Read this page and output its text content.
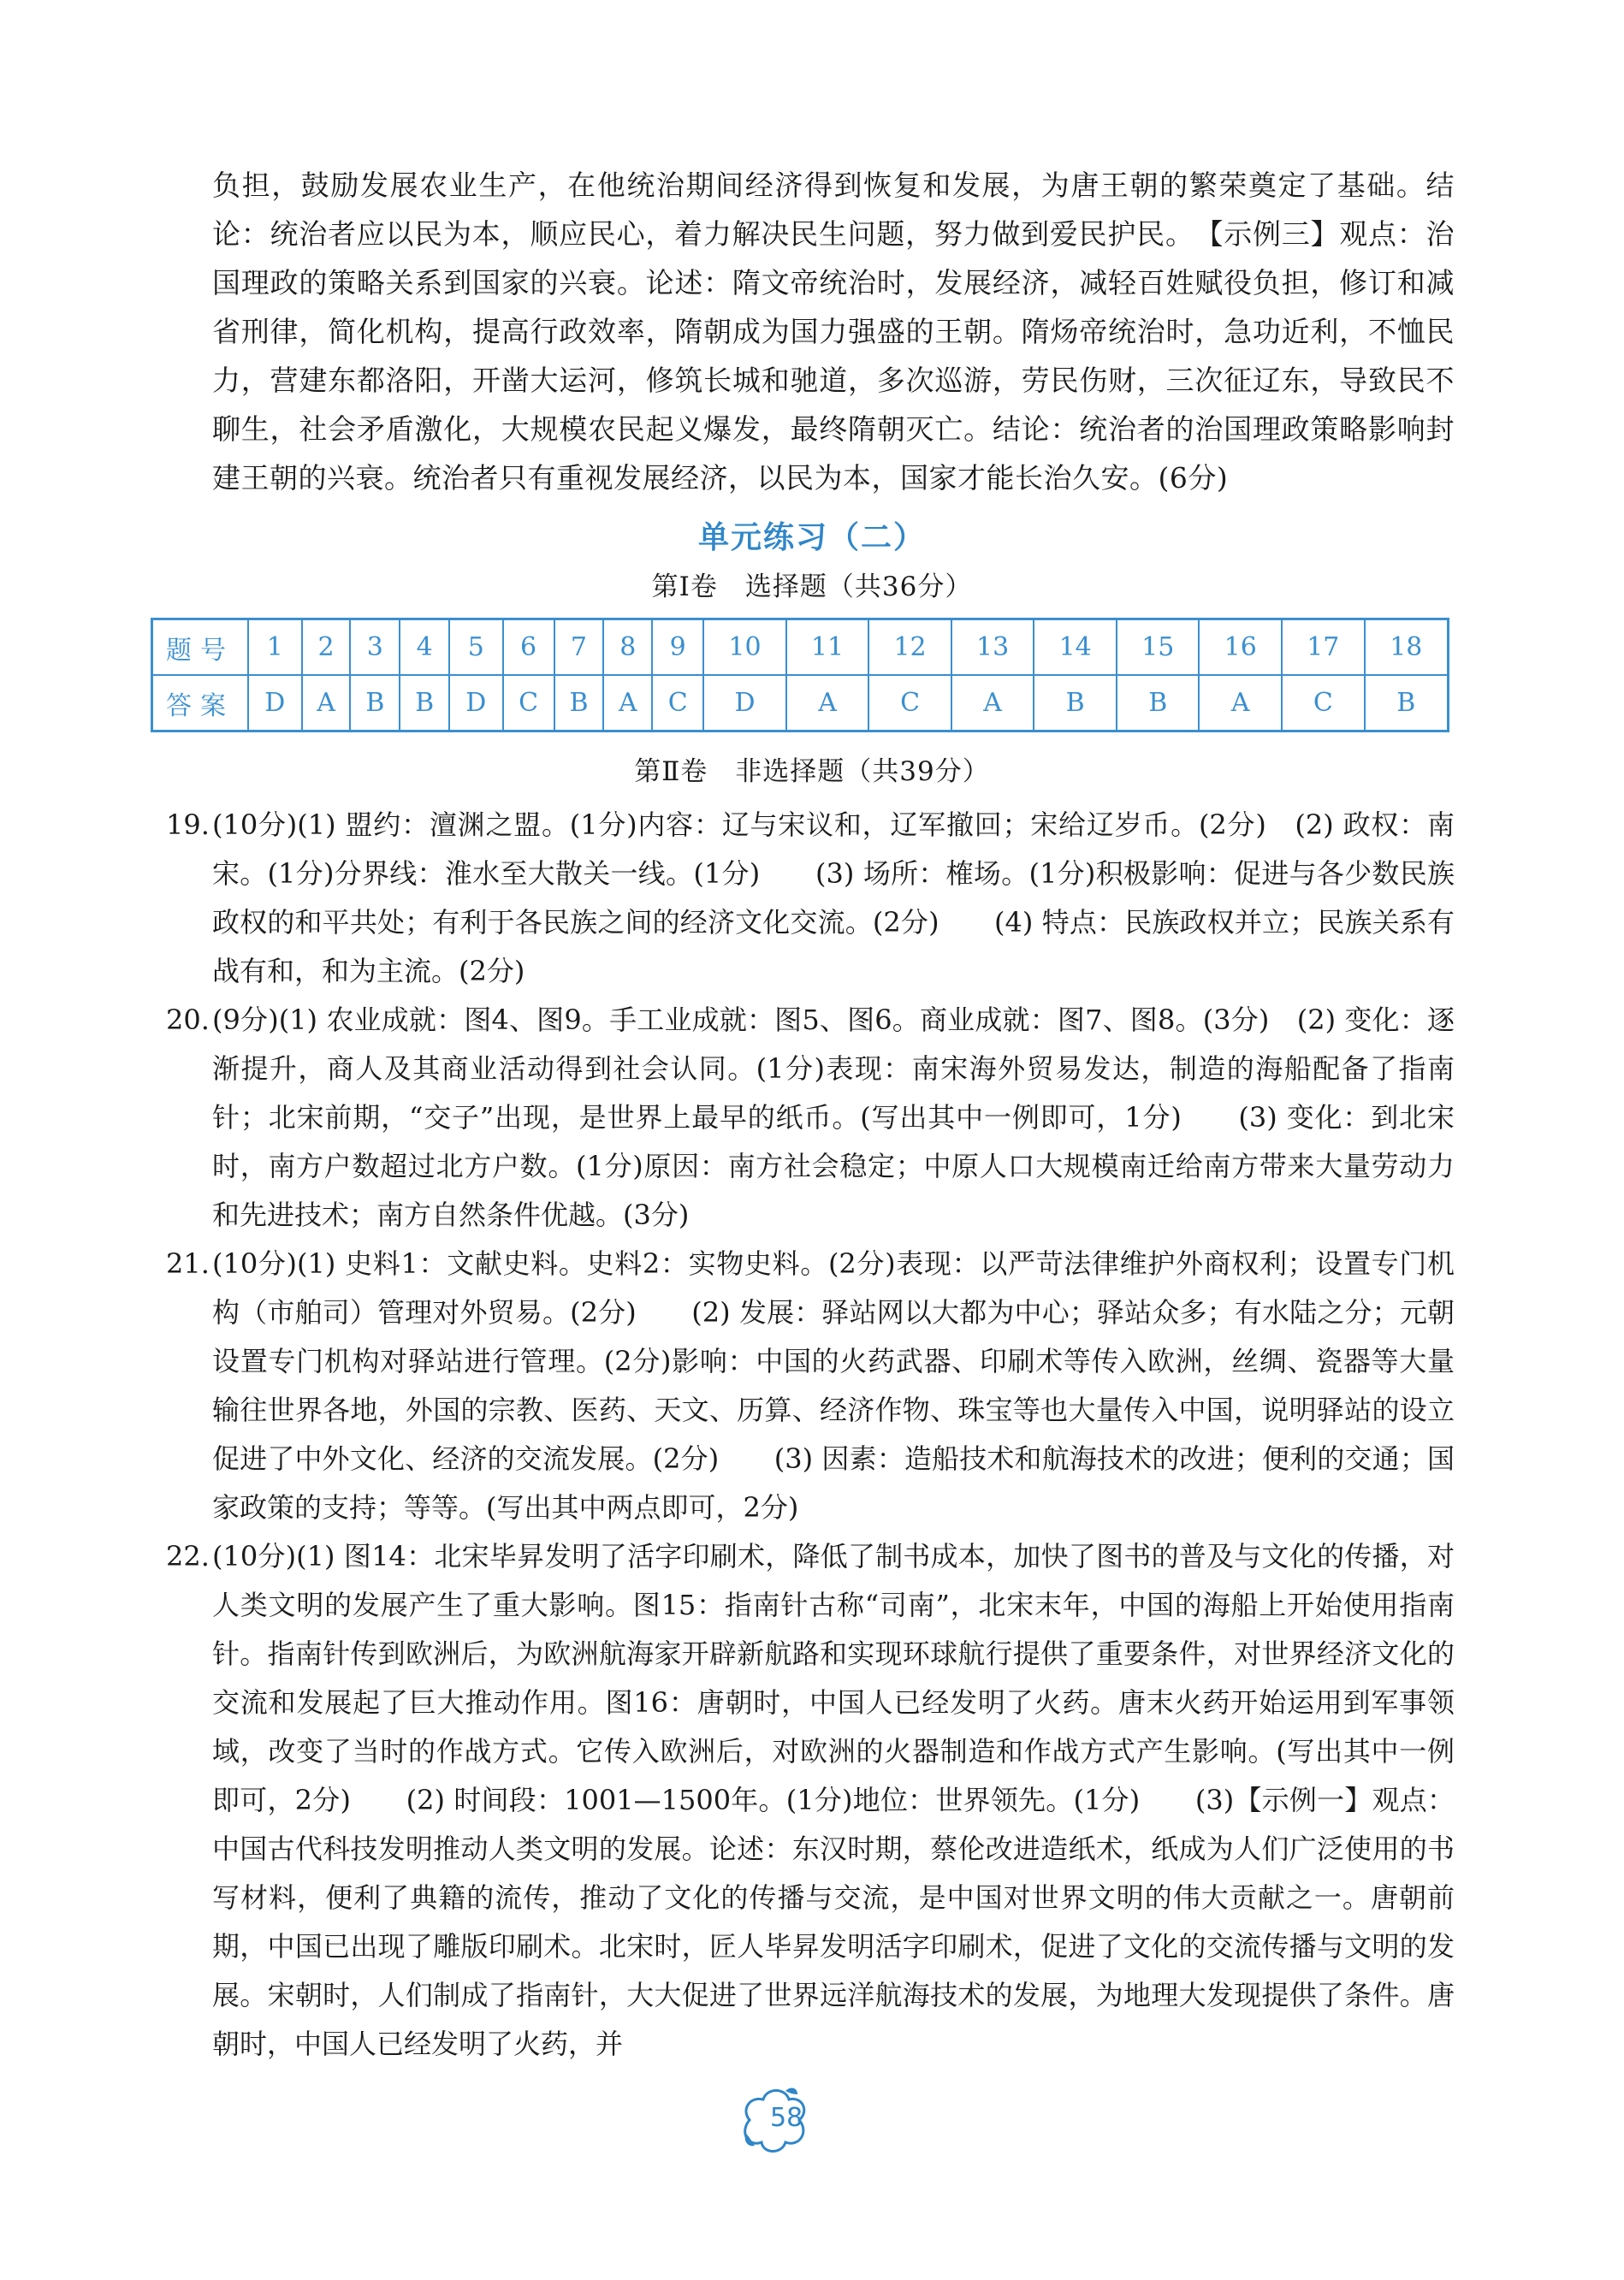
负担，鼓励发展农业生产，在他统治期间经济得到恢复和发展，为唐王朝的繁荣奠定了基础。结论：统治者应以民为本，顺应民心，着力解决民生问题，努力做到爱民护民。　【示例三】观点：治国理政的策略关系到国家的兴衰。论述：隋文帝统治时，发展经济，减轻百姓赋役负担，修订和减省刑律，简化机构，提高行政效率，隋朝成为国力强盛的王朝。隋炀帝统治时，急功近利，不恤民力，营建东都洛阳，开凿大运河，修筑长城和驰道，多次巡游，劳民伤财，三次征辽东，导致民不聊生，社会矛盾激化，大规模农民起义爆发，最终隋朝灭亡。结论：统治者的治国理政策略影响封建王朝的兴衰。统治者只有重视发展经济，以民为本，国家才能长治久安。(6分)

单元练习（二）
第Ⅰ卷　选择题（共36分）
题号	1	2	3	4	5	6	7	8	9	10	11	12	13	14	15	16	17	18
答案	D	A	B	B	D	C	B	A	C	D	A	C	A	B	B	A	C	B
第Ⅱ卷　非选择题（共39分）
19. (10分)(1) 盟约：澶渊之盟。(1分)内容：辽与宋议和，辽军撤回；宋给辽岁币。(2分)　(2) 政权：南宋。(1分)分界线：淮水至大散关一线。(1分)　　(3) 场所：榷场。(1分)积极影响：促进与各少数民族政权的和平共处；有利于各民族之间的经济文化交流。(2分)　　(4) 特点：民族政权并立；民族关系有战有和，和为主流。(2分)
20. (9分)(1) 农业成就：图4、图9。手工业成就：图5、图6。商业成就：图7、图8。(3分)　(2) 变化：逐渐提升，商人及其商业活动得到社会认同。(1分)表现：南宋海外贸易发达，制造的海船配备了指南针；北宋前期，“交子”出现，是世界上最早的纸币。(写出其中一例即可，1分)　　(3) 变化：到北宋时，南方户数超过北方户数。(1分)原因：南方社会稳定；中原人口大规模南迁给南方带来大量劳动力和先进技术；南方自然条件优越。(3分)
21. (10分)(1) 史料1：文献史料。史料2：实物史料。(2分)表现：以严苛法律维护外商权利；设置专门机构（市舶司）管理对外贸易。(2分)　　(2) 发展：驿站网以大都为中心；驿站众多；有水陆之分；元朝设置专门机构对驿站进行管理。(2分)影响：中国的火药武器、印刷术等传入欧洲，丝绸、瓷器等大量输往世界各地，外国的宗教、医药、天文、历算、经济作物、珠宝等也大量传入中国，说明驿站的设立促进了中外文化、经济的交流发展。(2分)　　(3) 因素：造船技术和航海技术的改进；便利的交通；国家政策的支持；等等。(写出其中两点即可，2分)
22. (10分)(1) 图14：北宋毕昇发明了活字印刷术，降低了制书成本，加快了图书的普及与文化的传播，对人类文明的发展产生了重大影响。图15：指南针古称“司南”，北宋末年，中国的海船上开始使用指南针。指南针传到欧洲后，为欧洲航海家开辟新航路和实现环球航行提供了重要条件，对世界经济文化的交流和发展起了巨大推动作用。图16：唐朝时，中国人已经发明了火药。唐末火药开始运用到军事领域，改变了当时的作战方式。它传入欧洲后，对欧洲的火器制造和作战方式产生影响。(写出其中一例即可，2分)　　(2) 时间段：1001—1500年。(1分)地位：世界领先。(1分)　　(3)【示例一】观点：中国古代科技发明推动人类文明的发展。论述：东汉时期，蔡伦改进造纸术，纸成为人们广泛使用的书写材料，便利了典籍的流传，推动了文化的传播与交流，是中国对世界文明的伟大贡献之一。唐朝前期，中国已出现了雕版印刷术。北宋时，匠人毕昇发明活字印刷术，促进了文化的交流传播与文明的发展。宋朝时，人们制成了指南针，大大促进了世界远洋航海技术的发展，为地理大发现提供了条件。唐朝时，中国人已经发明了火药，并
58
